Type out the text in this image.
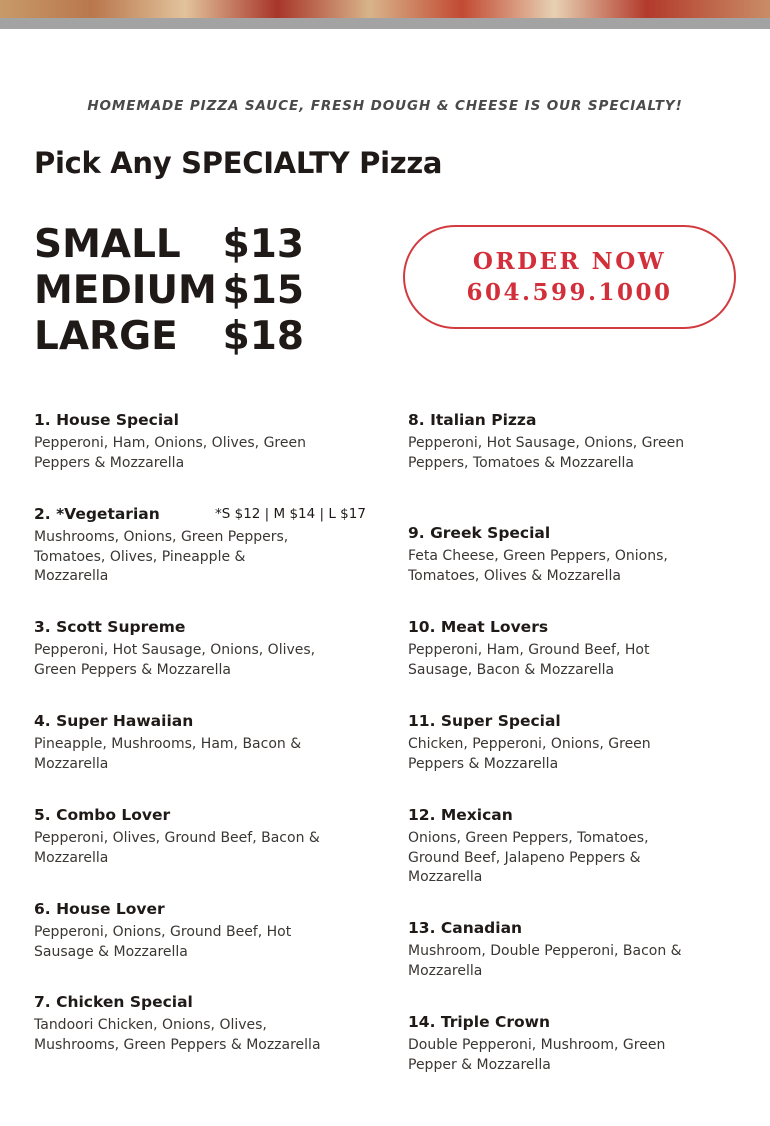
HOMEMADE PIZZA SAUCE, FRESH DOUGH & CHEESE IS OUR SPECIALTY!
Pick Any SPECIALTY Pizza
SMALL $13
MEDIUM $15
LARGE $18
ORDER NOW
604.599.1000
1. House Special
Pepperoni, Ham, Onions, Olives, Green Peppers & Mozzarella
2. *Vegetarian	*S $12 | M $14 | L $17
Mushrooms, Onions, Green Peppers, Tomatoes, Olives, Pineapple & Mozzarella
3. Scott Supreme
Pepperoni, Hot Sausage, Onions, Olives, Green Peppers & Mozzarella
4. Super Hawaiian
Pineapple, Mushrooms, Ham, Bacon & Mozzarella
5. Combo Lover
Pepperoni, Olives, Ground Beef, Bacon & Mozzarella
6. House Lover
Pepperoni, Onions, Ground Beef, Hot Sausage & Mozzarella
7. Chicken Special
Tandoori Chicken, Onions, Olives, Mushrooms, Green Peppers & Mozzarella
8. Italian Pizza
Pepperoni, Hot Sausage, Onions, Green Peppers, Tomatoes & Mozzarella
9. Greek Special
Feta Cheese, Green Peppers, Onions, Tomatoes, Olives & Mozzarella
10. Meat Lovers
Pepperoni, Ham, Ground Beef, Hot Sausage, Bacon & Mozzarella
11. Super Special
Chicken, Pepperoni, Onions, Green Peppers & Mozzarella
12. Mexican
Onions, Green Peppers, Tomatoes, Ground Beef, Jalapeno Peppers & Mozzarella
13. Canadian
Mushroom, Double Pepperoni, Bacon & Mozzarella
14. Triple Crown
Double Pepperoni, Mushroom, Green Pepper & Mozzarella
